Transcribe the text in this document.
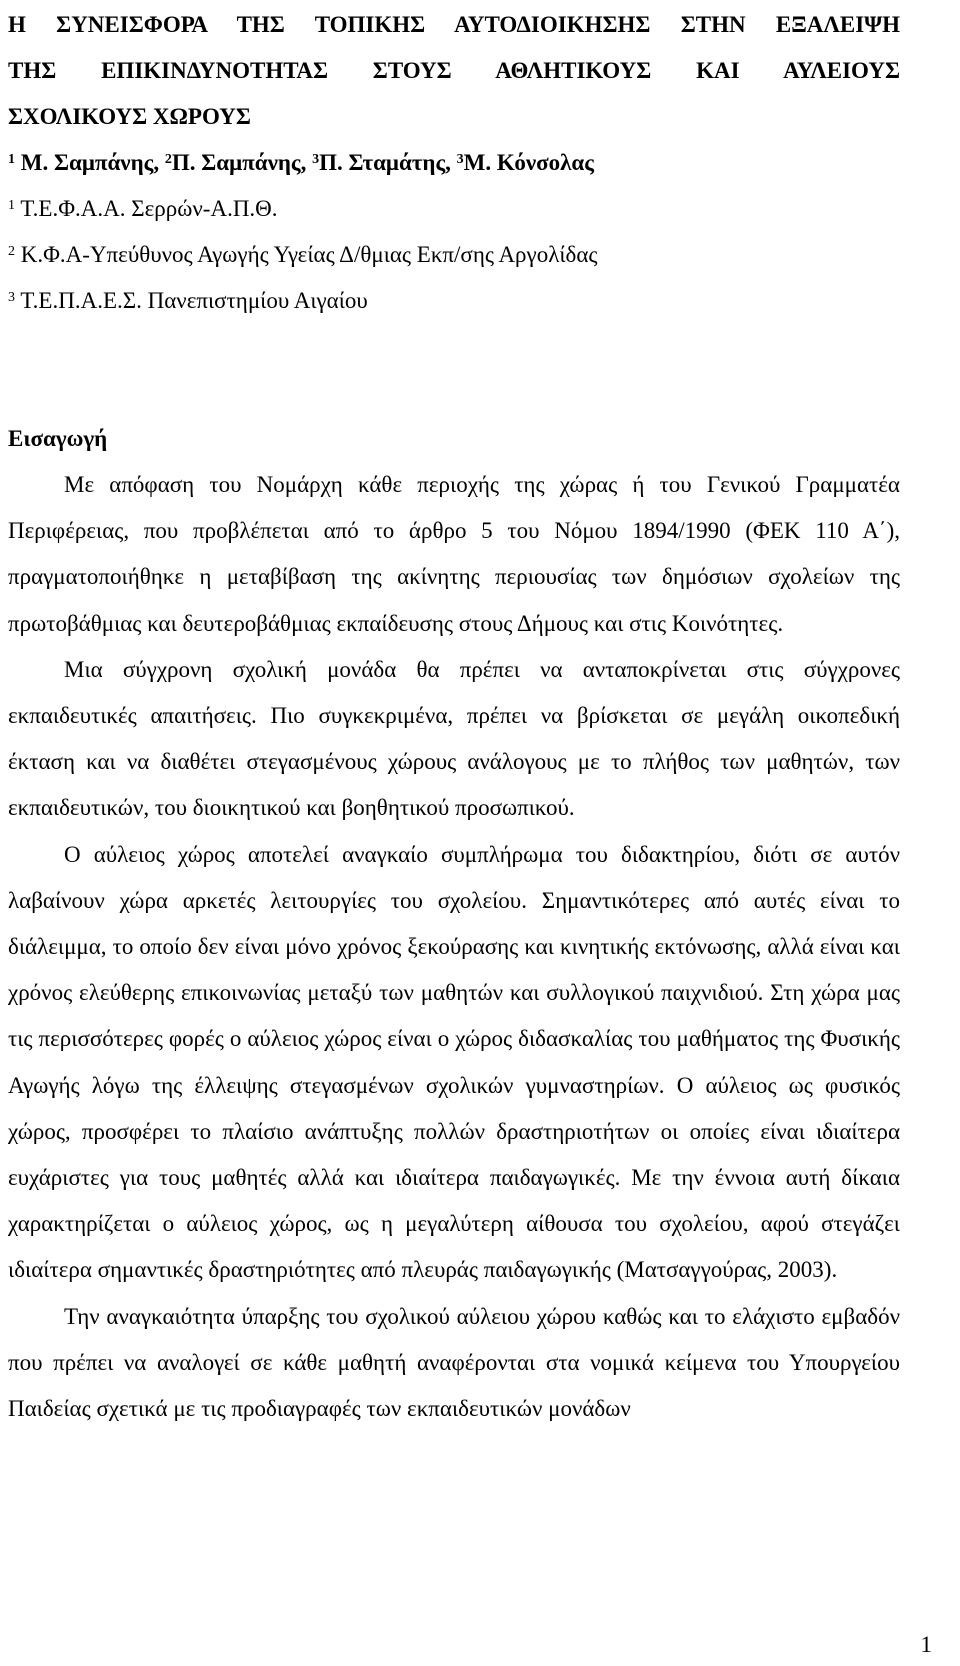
Η ΣΥΝΕΙΣΦΟΡΑ ΤΗΣ ΤΟΠΙΚΗΣ ΑΥΤΟΔΙΟΙΚΗΣΗΣ ΣΤΗΝ ΕΞΑΛΕΙΨΗ
ΤΗΣ ΕΠΙΚΙΝΔΥΝΟΤΗΤΑΣ ΣΤΟΥΣ ΑΘΛΗΤΙΚΟΥΣ ΚΑΙ ΑΥΛΕΙΟΥΣ
ΣΧΟΛΙΚΟΥΣ ΧΩΡΟΥΣ

$^1$ Μ. Σαμπάνης, $^2$Π. Σαμπάνης, $^3$Π. Σταμάτης, $^3$Μ. Κόνσολας

$^1$ Τ.Ε.Φ.Α.Α. Σερρών-Α.Π.Θ.

$^2$ Κ.Φ.Α-Υπεύθυνος Αγωγής Υγείας Δ/θμιας Εκπ/σης Αργολίδας

$^3$ Τ.Ε.Π.Α.Ε.Σ. Πανεπιστημίου Αιγαίου

Εισαγωγή

Με απόφαση του Νομάρχη κάθε περιοχής της χώρας ή του Γενικού Γραμματέα Περιφέρειας, που προβλέπεται από το άρθρο 5 του Νόμου 1894/1990 (ΦΕΚ 110 Α΄), πραγματοποιήθηκε η μεταβίβαση της ακίνητης περιουσίας των δημόσιων σχολείων της πρωτοβάθμιας και δευτεροβάθμιας εκπαίδευσης στους Δήμους και στις Κοινότητες.

Μια σύγχρονη σχολική μονάδα θα πρέπει να ανταποκρίνεται στις σύγχρονες εκπαιδευτικές απαιτήσεις. Πιο συγκεκριμένα, πρέπει να βρίσκεται σε μεγάλη οικοπεδική έκταση και να διαθέτει στεγασμένους χώρους ανάλογους με το πλήθος των μαθητών, των εκπαιδευτικών, του διοικητικού και βοηθητικού προσωπικού.

Ο αύλειος χώρος αποτελεί αναγκαίο συμπλήρωμα του διδακτηρίου, διότι σε αυτόν λαβαίνουν χώρα αρκετές λειτουργίες του σχολείου. Σημαντικότερες από αυτές είναι το διάλειμμα, το οποίο δεν είναι μόνο χρόνος ξεκούρασης και κινητικής εκτόνωσης, αλλά είναι και χρόνος ελεύθερης επικοινωνίας μεταξύ των μαθητών και συλλογικού παιχνιδιού. Στη χώρα μας τις περισσότερες φορές ο αύλειος χώρος είναι ο χώρος διδασκαλίας του μαθήματος της Φυσικής Αγωγής λόγω της έλλειψης στεγασμένων σχολικών γυμναστηρίων. Ο αύλειος ως φυσικός χώρος, προσφέρει το πλαίσιο ανάπτυξης πολλών δραστηριοτήτων οι οποίες είναι ιδιαίτερα ευχάριστες για τους μαθητές αλλά και ιδιαίτερα παιδαγωγικές. Με την έννοια αυτή δίκαια χαρακτηρίζεται ο αύλειος χώρος, ως η μεγαλύτερη αίθουσα του σχολείου, αφού στεγάζει ιδιαίτερα σημαντικές δραστηριότητες από πλευράς παιδαγωγικής (Ματσαγγούρας, 2003).

Την αναγκαιότητα ύπαρξης του σχολικού αύλειου χώρου καθώς και το ελάχιστο εμβαδόν που πρέπει να αναλογεί σε κάθε μαθητή αναφέρονται στα νομικά κείμενα του Υπουργείου Παιδείας σχετικά με τις προδιαγραφές των εκπαιδευτικών μονάδων

1
